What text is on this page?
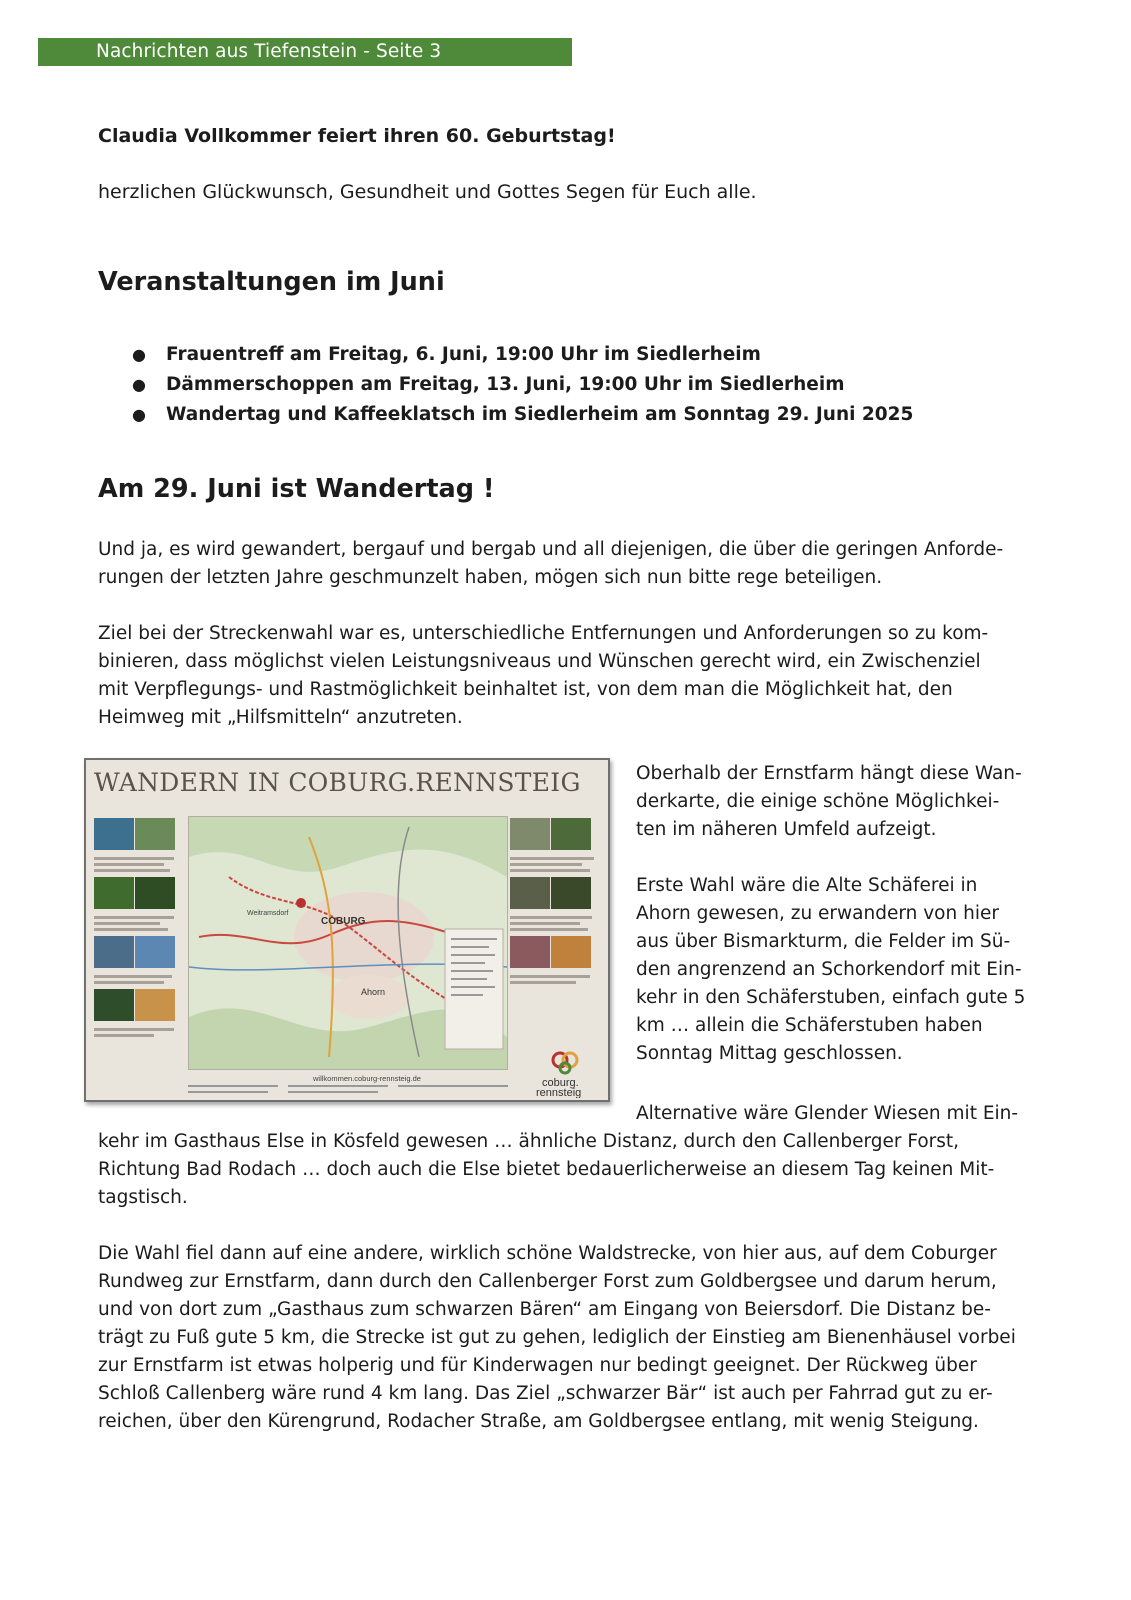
Nachrichten aus Tiefenstein - Seite 3
Claudia Vollkommer feiert ihren 60. Geburtstag!
herzlichen Glückwunsch, Gesundheit und Gottes Segen für Euch alle.
Veranstaltungen im Juni
● Frauentreff am Freitag, 6. Juni, 19:00 Uhr im Siedlerheim
● Dämmerschoppen am Freitag, 13. Juni, 19:00 Uhr im Siedlerheim
● Wandertag und Kaffeeklatsch im Siedlerheim am Sonntag 29. Juni 2025
Am 29. Juni ist Wandertag !
Und ja, es wird gewandert, bergauf und bergab und all diejenigen, die über die geringen Anforde-
rungen der letzten Jahre geschmunzelt haben, mögen sich nun bitte rege beteiligen.
Ziel bei der Streckenwahl war es, unterschiedliche Entfernungen und Anforderungen so zu kom-
binieren, dass möglichst vielen Leistungsniveaus und Wünschen gerecht wird, ein Zwischenziel
mit Verpflegungs- und Rastmöglichkeit beinhaltet ist, von dem man die Möglichkeit hat, den
Heimweg mit „Hilfsmitteln“ anzutreten.
WANDERN IN COBURG.RENNSTEIG
COBURG
Weitramsdorf
Ahorn
willkommen.coburg-rennsteig.de	coburg.
rennsteig
Oberhalb der Ernstfarm hängt diese Wan-
derkarte, die einige schöne Möglichkei-
ten im näheren Umfeld aufzeigt.
Erste Wahl wäre die Alte Schäferei in
Ahorn gewesen, zu erwandern von hier
aus über Bismarkturm, die Felder im Sü-
den angrenzend an Schorkendorf mit Ein-
kehr in den Schäferstuben, einfach gute 5
km … allein die Schäferstuben haben
Sonntag Mittag geschlossen.
Alternative wäre Glender Wiesen mit Ein-
kehr im Gasthaus Else in Kösfeld gewesen … ähnliche Distanz, durch den Callenberger Forst,
Richtung Bad Rodach … doch auch die Else bietet bedauerlicherweise an diesem Tag keinen Mit-
tagstisch.
Die Wahl fiel dann auf eine andere, wirklich schöne Waldstrecke, von hier aus, auf dem Coburger
Rundweg zur Ernstfarm, dann durch den Callenberger Forst zum Goldbergsee und darum herum,
und von dort zum „Gasthaus zum schwarzen Bären“ am Eingang von Beiersdorf. Die Distanz be-
trägt zu Fuß gute 5 km, die Strecke ist gut zu gehen, lediglich der Einstieg am Bienenhäusel vorbei
zur Ernstfarm ist etwas holperig und für Kinderwagen nur bedingt geeignet. Der Rückweg über
Schloß Callenberg wäre rund 4 km lang. Das Ziel „schwarzer Bär“ ist auch per Fahrrad gut zu er-
reichen, über den Kürengrund, Rodacher Straße, am Goldbergsee entlang, mit wenig Steigung.
